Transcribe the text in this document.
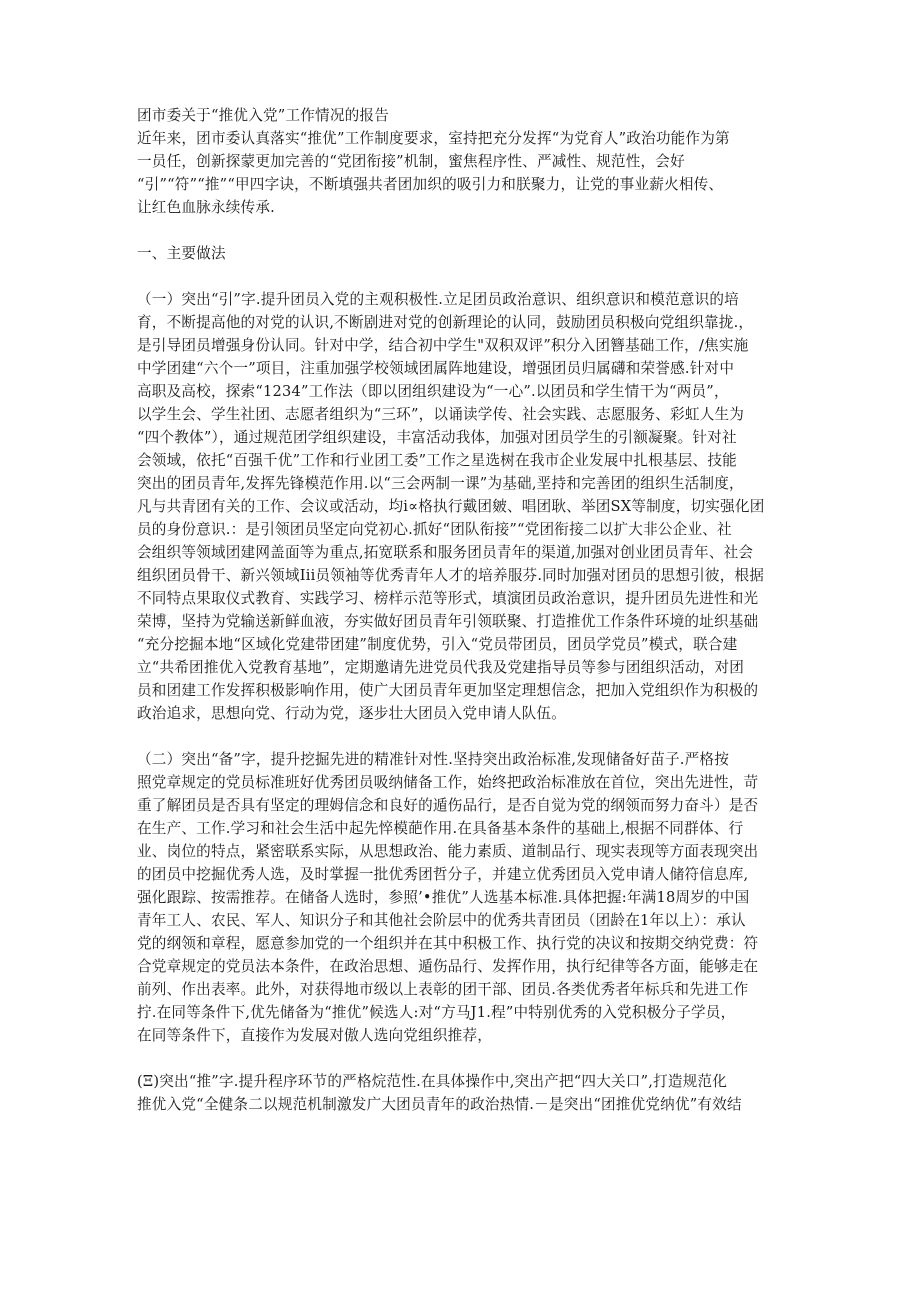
团市委关于“推优入党”工作情况的报告
近年来，团市委认真落实“推优”工作制度要求，室持把充分发挥“为党育人”政治功能作为第
一员任，创新探蒙更加完善的“党团衔接”机制，蜜焦程序性、严减性、规范性，会好
“引”“符”“推”“甲四字诀，不断填强共者团加织的吸引力和朕聚力，让党的事业薪火相传、
让红色血脉永续传承.
一、主要做法
（一）突出“引”字.提升团员入党的主观积极性.立足团员政治意识、组织意识和模范意识的培
育，不断提高他的对党的认识,不断剧进对党的创新理论的认同，鼓励团员积极向党组织靠拢.，
是引导团员增强身份认同。针对中学，结合初中学生"双积双评”积分入团簪基础工作，/焦实施
中学团建“六个一”项目，注重加强学校领域团属阵地建设，增强团员归属礴和荣誉感.针对中
高职及高校，探索“1234”工作法（即以团组织建设为“一心”.以团员和学生情干为“两员”，
以学生会、学生社团、志愿者组织为“三环”，以诵读学传、社会实践、志愿服务、彩虹人生为
“四个教体”），通过规范团学组织建设，丰富活动我体，加强对团员学生的引额凝聚。针对社
会领域，依托“百强千优”工作和行业团工委”工作之星选树在我市企业发展中扎根基层、技能
突出的团员青年,发挥先锋模范作用.以“三会两制一课”为基础,垩持和完善团的组织生活制度，
凡与共青团有关的工作、会议或活动，均i∝格执行戴团皴、唱团耿、举团SX等制度，切实强化团
员的身份意识.：是引领团员坚定向党初心.抓好“团队衔接”“党团衔接二以扩大非公企业、社
会组织等领域团建网盖面等为重点,拓宽联系和服务团员青年的渠道,加强对创业团员青年、社会
组织团员骨干、新兴领域Iii员领袖等优秀青年人才的培养服芬.同时加强对团员的思想引彼，根据
不同特点果取仪式教育、实践学习、榜样示范等形式，填演团员政治意识，提升团员先进性和光
荣博，坚持为党输送新鲜血液，夯实做好团员青年引领联聚、打造推优工作条件环境的址织基础
“充分挖掘本地“区域化党建带团建”制度优势，引入“党员带团员，团员学党员”模式，联合建
立“共希团推优入党教育基地”，定期邀请先进党员代我及党建指导员等参与团组织活动，对团
员和团建工作发挥积极影响作用，使广大团员青年更加坚定理想信念，把加入党组织作为积极的
政治追求，思想向党、行动为党，逐步壮大团员入党申请人队伍。
（二）突出“备”字，提升挖掘先进的精准针对性.坚持突出政治标准,发现储备好苗子.严格按
照党章规定的党员标准班好优秀团员吸纳储备工作，始终把政治标准放在首位，突出先进性，苛
重了解团员是否具有坚定的理姆信念和良好的遁伤品行，是否自觉为党的纲领而努力奋斗）是否
在生产、工作.学习和社会生活中起先悴模葩作用.在具备基本条件的基础上,根据不同群体、行
业、岗位的特点，紧密联系实际，从思想政治、能力素质、道制品行、现实表现等方面表现突出
的团员中挖掘优秀人选，及时掌握一批优秀团哲分子，并建立优秀团员入党申请人储符信息库,
强化跟踪、按需推荐。在储备人选时，参照’•推优”人选基本标准.具体把握:年满18周岁的中国
青年工人、农民、军人、知识分子和其他社会阶层中的优秀共青团员（团龄在1年以上）：承认
党的纲领和章程，愿意参加党的一个组织并在其中积极工作、执行党的决议和按期交纳党费：符
合党章规定的党员法本条件，在政治思想、遁伤品行、发挥作用，执行纪律等各方面，能够走在
前列、作出表率。此外，对获得地市级以上表彰的团干部、团员.各类优秀者年标兵和先进工作
拧.在同等条件下,优先储备为“推优”候选人:对“方马J1.程”中特别优秀的入党积极分子学员，
在同等条件下，直接作为发展对傲人选向党组织推荐，
(Ξ)突出“推”字.提升程序环节的严格烷范性.在具体操作中,突出产把“四大关口”,打造规范化
推优入党“全健条二以规范机制激发广大团员青年的政治热情.－是突出“团推优党纳优”有效结
